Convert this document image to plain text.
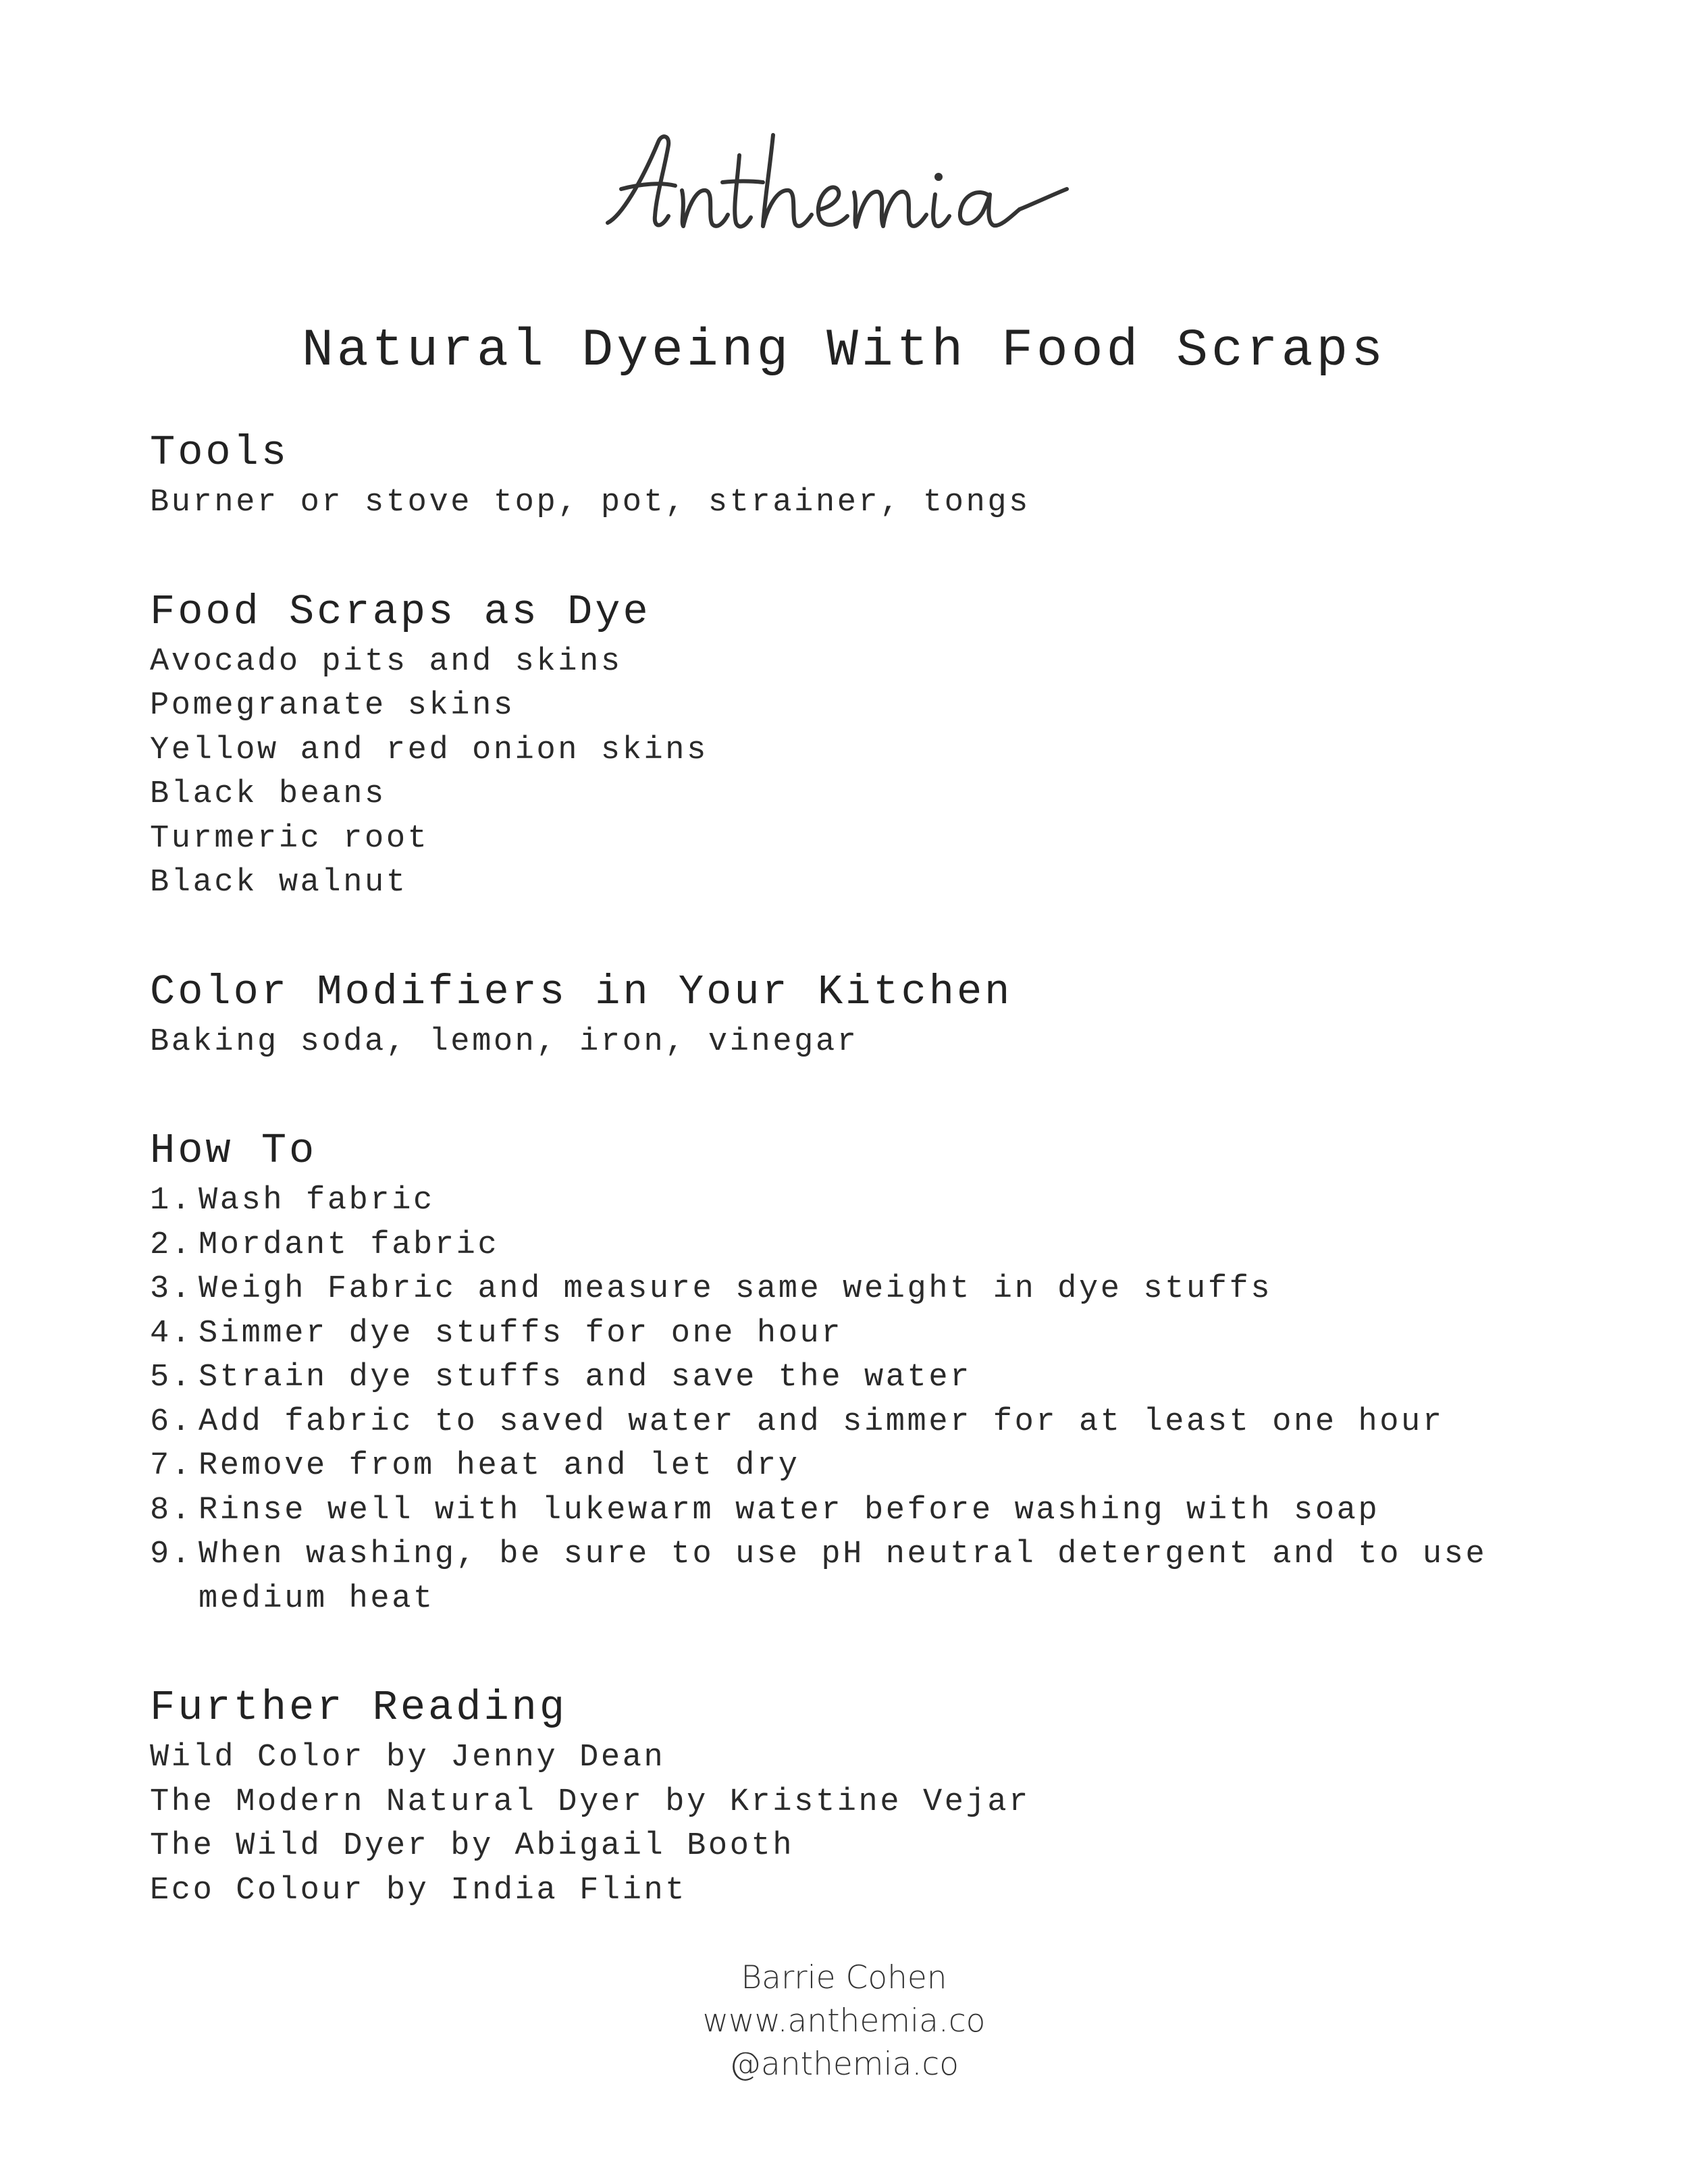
Natural Dyeing With Food Scraps
Tools
Burner or stove top, pot, strainer, tongs
Food Scraps as Dye
Avocado pits and skins
Pomegranate skins
Yellow and red onion skins
Black beans
Turmeric root
Black walnut
Color Modifiers in Your Kitchen
Baking soda, lemon, iron, vinegar
How To
1. Wash fabric
2. Mordant fabric
3. Weigh Fabric and measure same weight in dye stuffs
4. Simmer dye stuffs for one hour
5. Strain dye stuffs and save the water
6. Add fabric to saved water and simmer for at least one hour
7. Remove from heat and let dry
8. Rinse well with lukewarm water before washing with soap
9. When washing, be sure to use pH neutral detergent and to use medium heat
Further Reading
Wild Color by Jenny Dean
The Modern Natural Dyer by Kristine Vejar
The Wild Dyer by Abigail Booth
Eco Colour by India Flint
Barrie Cohen
www.anthemia.co
@anthemia.co
